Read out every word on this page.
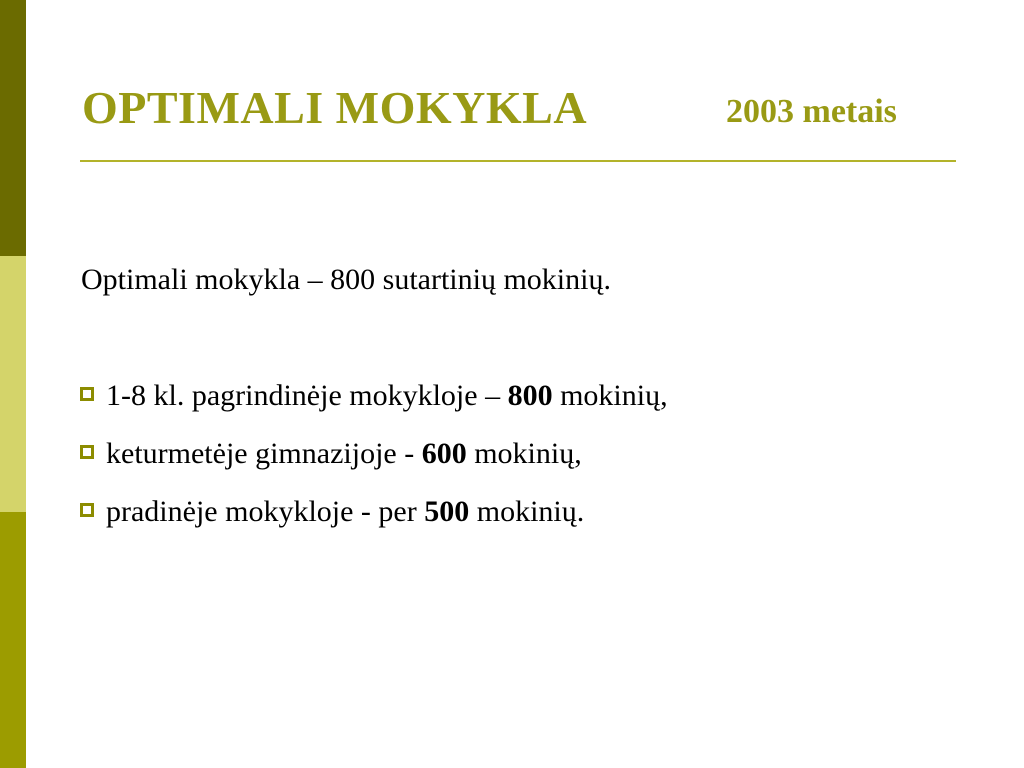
OPTIMALI MOKYKLA	2003 metais
Optimali mokykla – 800 sutartinių mokinių.
1-8 kl. pagrindinėje mokykloje – 800 mokinių,
keturmetėje gimnazijoje - 600 mokinių,
pradinėje mokykloje - per 500 mokinių.
